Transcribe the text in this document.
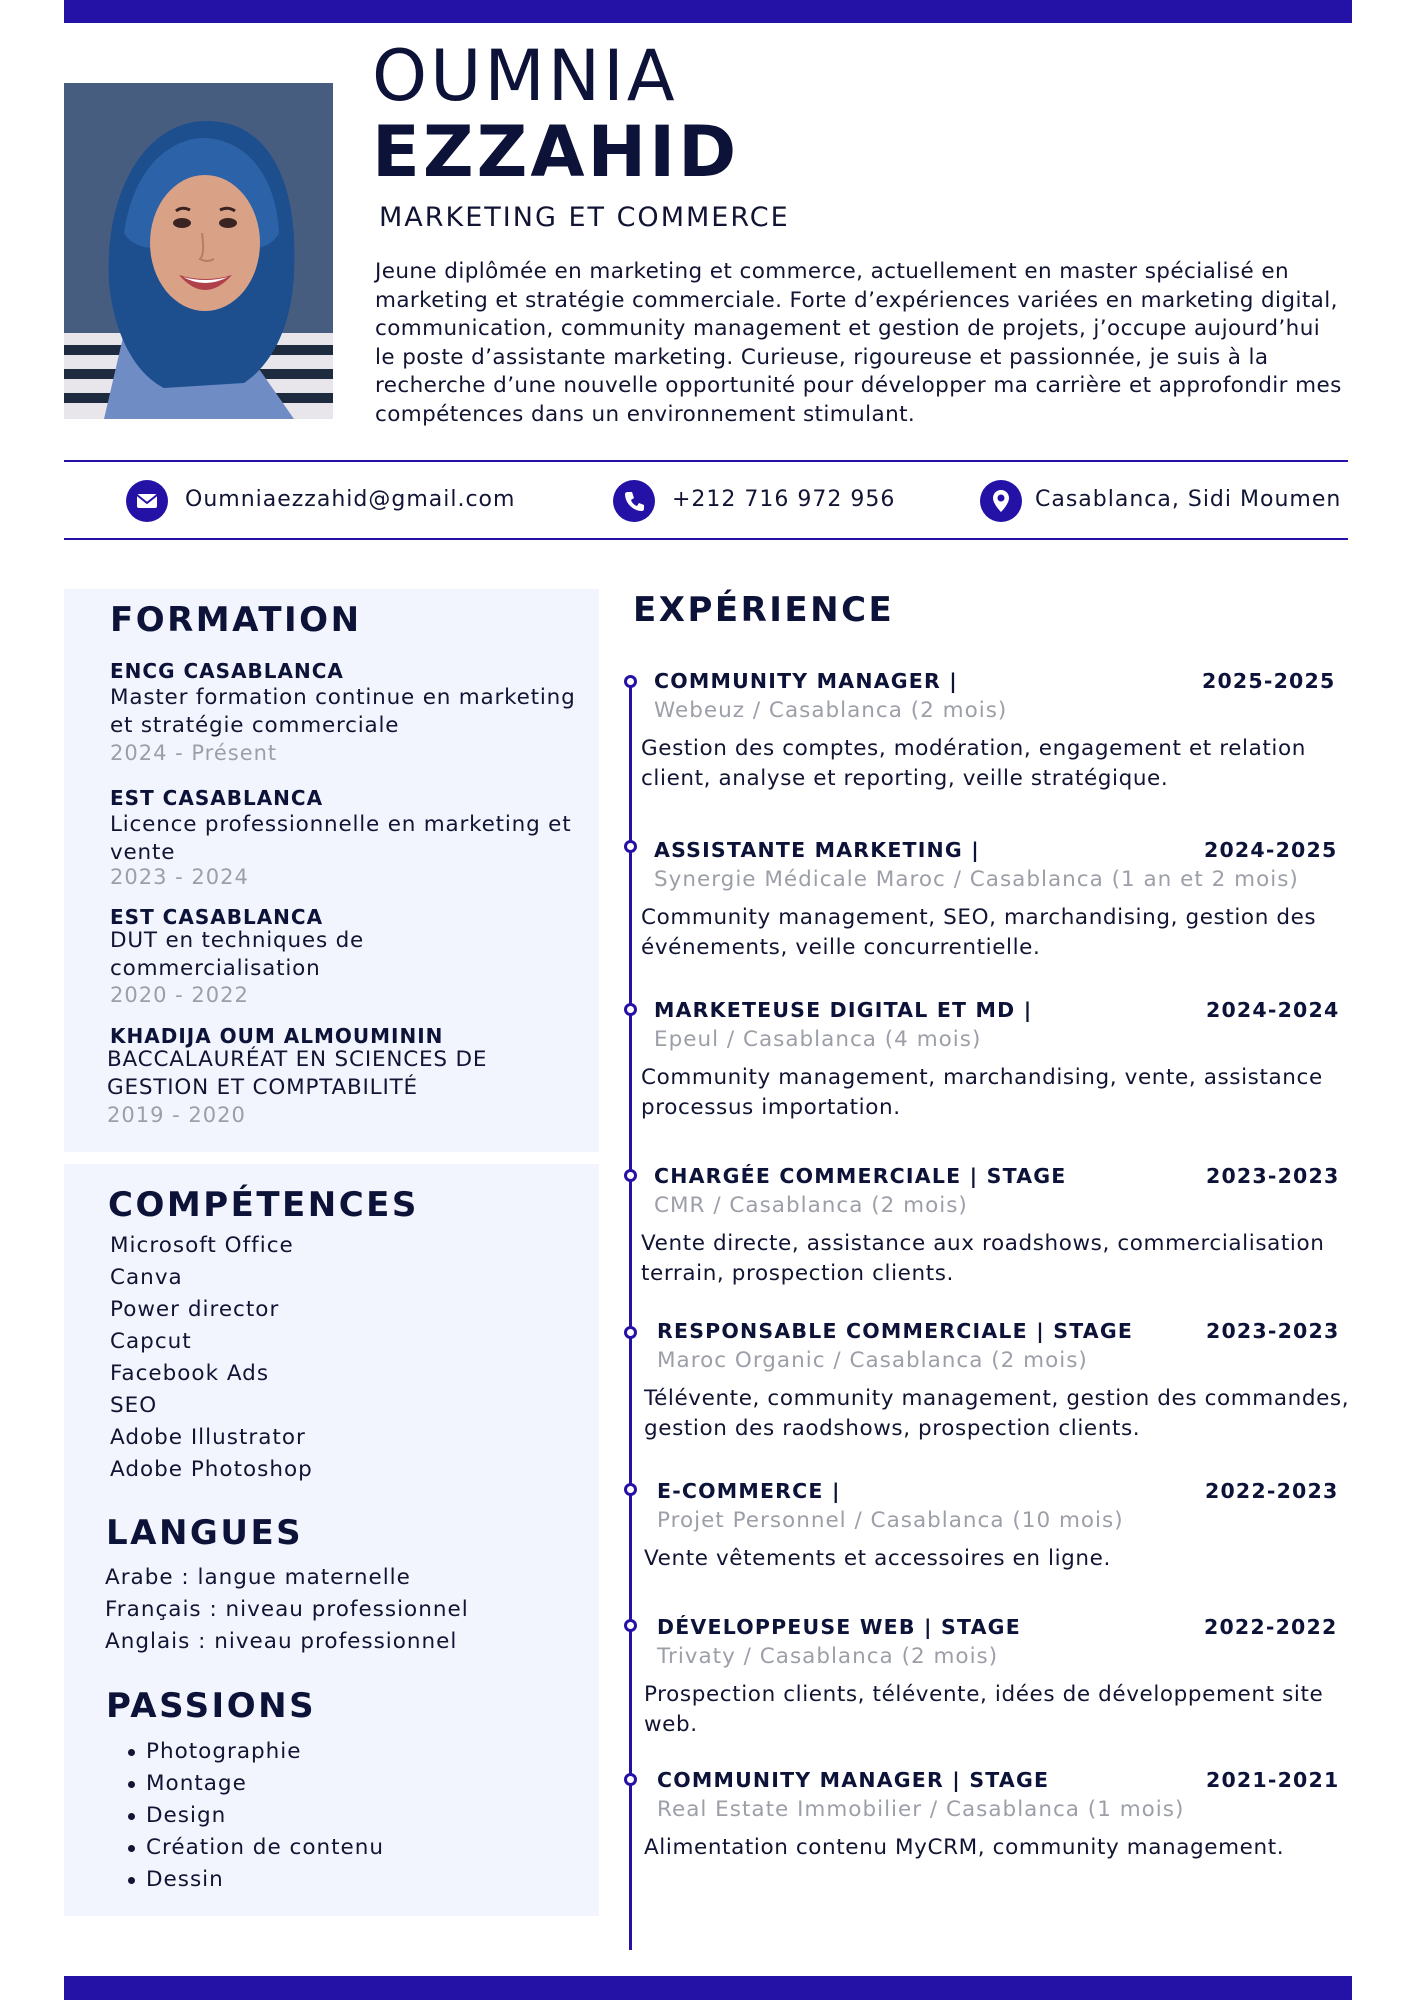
OUMNIA
EZZAHID
MARKETING ET COMMERCE
Jeune diplômée en marketing et commerce, actuellement en master spécialisé en marketing et stratégie commerciale. Forte d’expériences variées en marketing digital, communication, community management et gestion de projets, j’occupe aujourd’hui le poste d’assistante marketing. Curieuse, rigoureuse et passionnée, je suis à la recherche d’une nouvelle opportunité pour développer ma carrière et approfondir mes compétences dans un environnement stimulant.
Oumniaezzahid@gmail.com	+212 716 972 956	Casablanca, Sidi Moumen
FORMATION
ENCG CASABLANCA
Master formation continue en marketing et stratégie commerciale
2024 - Présent
EST CASABLANCA
Licence professionnelle en marketing et vente
2023 - 2024
EST CASABLANCA
DUT en techniques de commercialisation
2020 - 2022
KHADIJA OUM ALMOUMININ
BACCALAURÉAT EN SCIENCES DE GESTION ET COMPTABILITÉ
2019 - 2020
COMPÉTENCES
Microsoft Office
Canva
Power director
Capcut
Facebook Ads
SEO
Adobe Illustrator
Adobe Photoshop
LANGUES
Arabe : langue maternelle
Français : niveau professionnel
Anglais : niveau professionnel
PASSIONS
Photographie
Montage
Design
Création de contenu
Dessin
EXPÉRIENCE
COMMUNITY MANAGER |	2025-2025
Webeuz / Casablanca (2 mois)
Gestion des comptes, modération, engagement et relation client, analyse et reporting, veille stratégique.
ASSISTANTE MARKETING |	2024-2025
Synergie Médicale Maroc / Casablanca (1 an et 2 mois)
Community management, SEO, marchandising, gestion des événements, veille concurrentielle.
MARKETEUSE DIGITAL ET MD |	2024-2024
Epeul / Casablanca (4 mois)
Community management, marchandising, vente, assistance processus importation.
CHARGÉE COMMERCIALE | STAGE	2023-2023
CMR / Casablanca (2 mois)
Vente directe, assistance aux roadshows, commercialisation terrain, prospection clients.
RESPONSABLE COMMERCIALE | STAGE	2023-2023
Maroc Organic / Casablanca (2 mois)
Télévente, community management, gestion des commandes, gestion des raodshows, prospection clients.
E-COMMERCE |	2022-2023
Projet Personnel / Casablanca (10 mois)
Vente vêtements et accessoires en ligne.
DÉVELOPPEUSE WEB | STAGE	2022-2022
Trivaty / Casablanca (2 mois)
Prospection clients, télévente, idées de développement site web.
COMMUNITY MANAGER | STAGE	2021-2021
Real Estate Immobilier / Casablanca (1 mois)
Alimentation contenu MyCRM, community management.
